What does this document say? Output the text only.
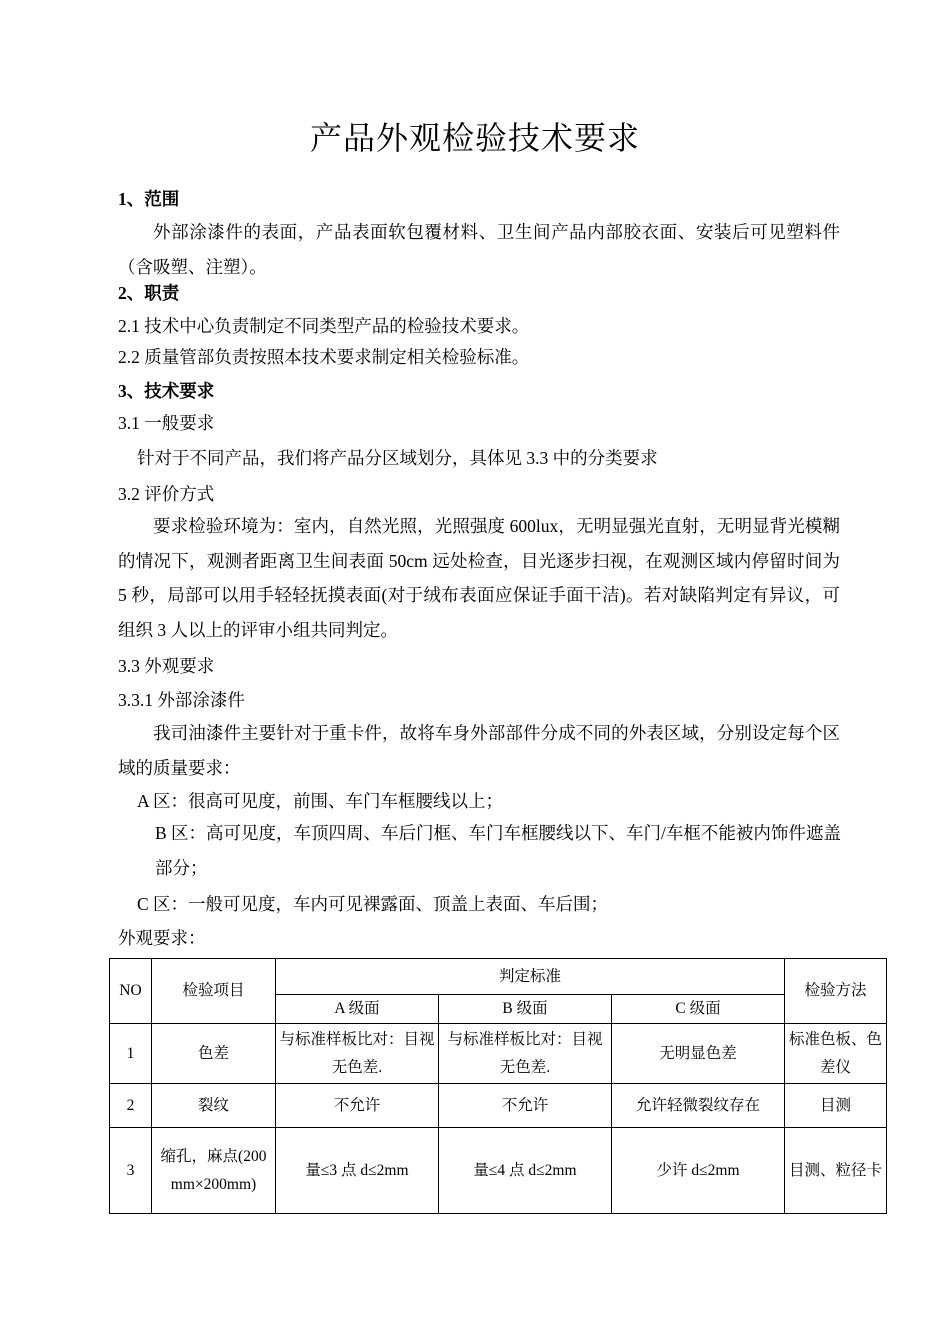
产品外观检验技术要求
1、范围
外部涂漆件的表面，产品表面软包覆材料、卫生间产品内部胶衣面、安装后可见塑料件（含吸塑、注塑）。
2、职责
2.1 技术中心负责制定不同类型产品的检验技术要求。
2.2 质量管部负责按照本技术要求制定相关检验标准。
3、技术要求
3.1 一般要求
针对于不同产品，我们将产品分区域划分，具体见 3.3 中的分类要求
3.2 评价方式
要求检验环境为：室内，自然光照，光照强度 600lux，无明显强光直射，无明显背光模糊的情况下，观测者距离卫生间表面 50cm 远处检查，目光逐步扫视，在观测区域内停留时间为 5 秒，局部可以用手轻轻抚摸表面(对于绒布表面应保证手面干洁)。若对缺陷判定有异议，可组织 3 人以上的评审小组共同判定。
3.3 外观要求
3.3.1 外部涂漆件
我司油漆件主要针对于重卡件，故将车身外部部件分成不同的外表区域，分别设定每个区域的质量要求：
A 区：很高可见度，前围、车门车框腰线以上；
B 区：高可见度，车顶四周、车后门框、车门车框腰线以下、车门/车框不能被内饰件遮盖部分；
C 区：一般可见度，车内可见裸露面、顶盖上表面、车后围；
外观要求：
NO	检验项目	判定标准			检验方法
		A 级面	B 级面	C 级面	
1	色差	与标准样板比对：目视无色差.	与标准样板比对：目视无色差.	无明显色差	标准色板、色差仪
2	裂纹	不允许	不允许	允许轻微裂纹存在	目测
3	缩孔，麻点(200mm×200mm)	量≤3 点 d≤2mm	量≤4 点 d≤2mm	少许 d≤2mm	目测、粒径卡
